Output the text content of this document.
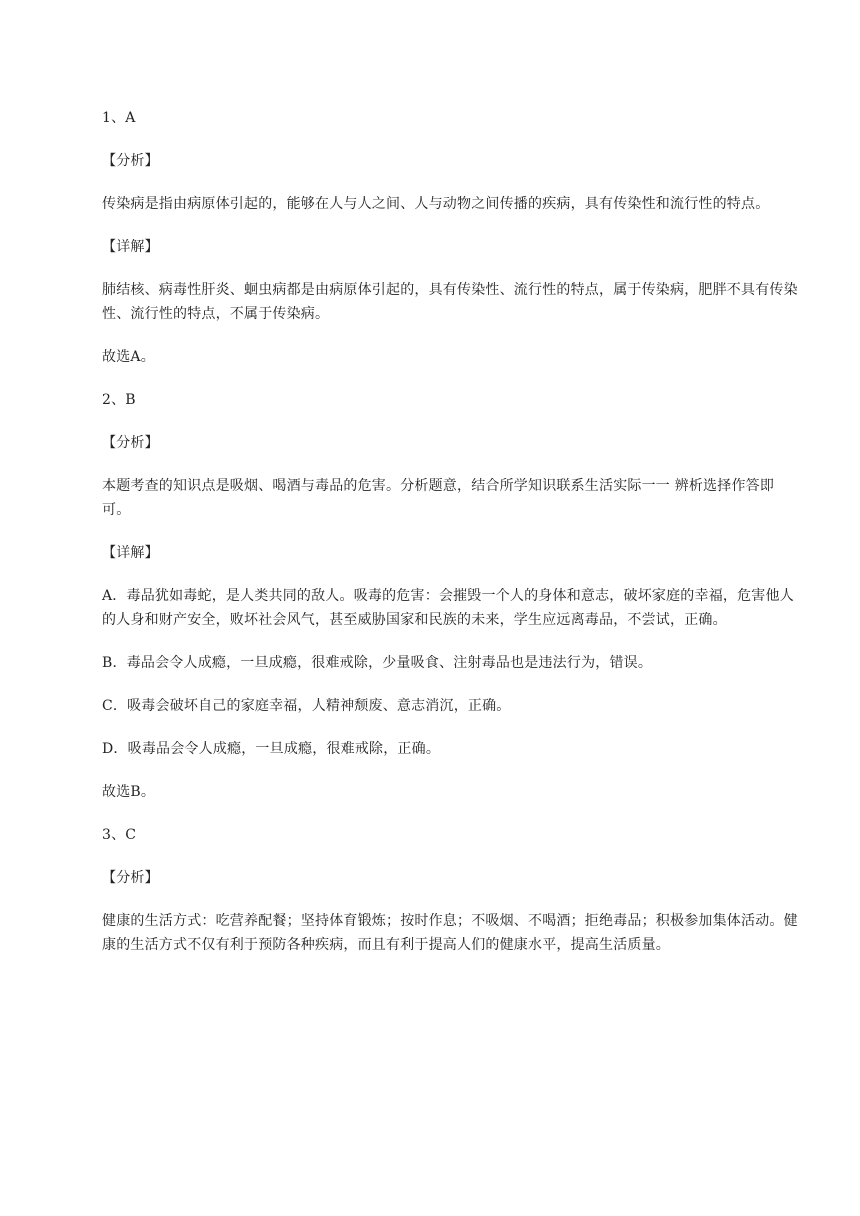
1、A

【分析】

传染病是指由病原体引起的，能够在人与人之间、人与动物之间传播的疾病，具有传染性和流行性的特点。

【详解】

肺结核、病毒性肝炎、蛔虫病都是由病原体引起的，具有传染性、流行性的特点，属于传染病，肥胖不具有传染性、流行性的特点，不属于传染病。

故选A。

2、B

【分析】

本题考查的知识点是吸烟、喝酒与毒品的危害。分析题意，结合所学知识联系生活实际一一 辨析选择作答即可。

【详解】

A．毒品犹如毒蛇，是人类共同的敌人。吸毒的危害：会摧毁一个人的身体和意志，破坏家庭的幸福，危害他人的人身和财产安全，败坏社会风气，甚至威胁国家和民族的未来，学生应远离毒品，不尝试，正确。

B．毒品会令人成瘾，一旦成瘾，很难戒除，少量吸食、注射毒品也是违法行为，错误。

C．吸毒会破坏自己的家庭幸福，人精神颓废、意志消沉，正确。

D．吸毒品会令人成瘾，一旦成瘾，很难戒除，正确。

故选B。

3、C

【分析】

健康的生活方式：吃营养配餐；坚持体育锻炼；按时作息；不吸烟、不喝酒；拒绝毒品；积极参加集体活动。健康的生活方式不仅有利于预防各种疾病，而且有利于提高人们的健康水平，提高生活质量。
